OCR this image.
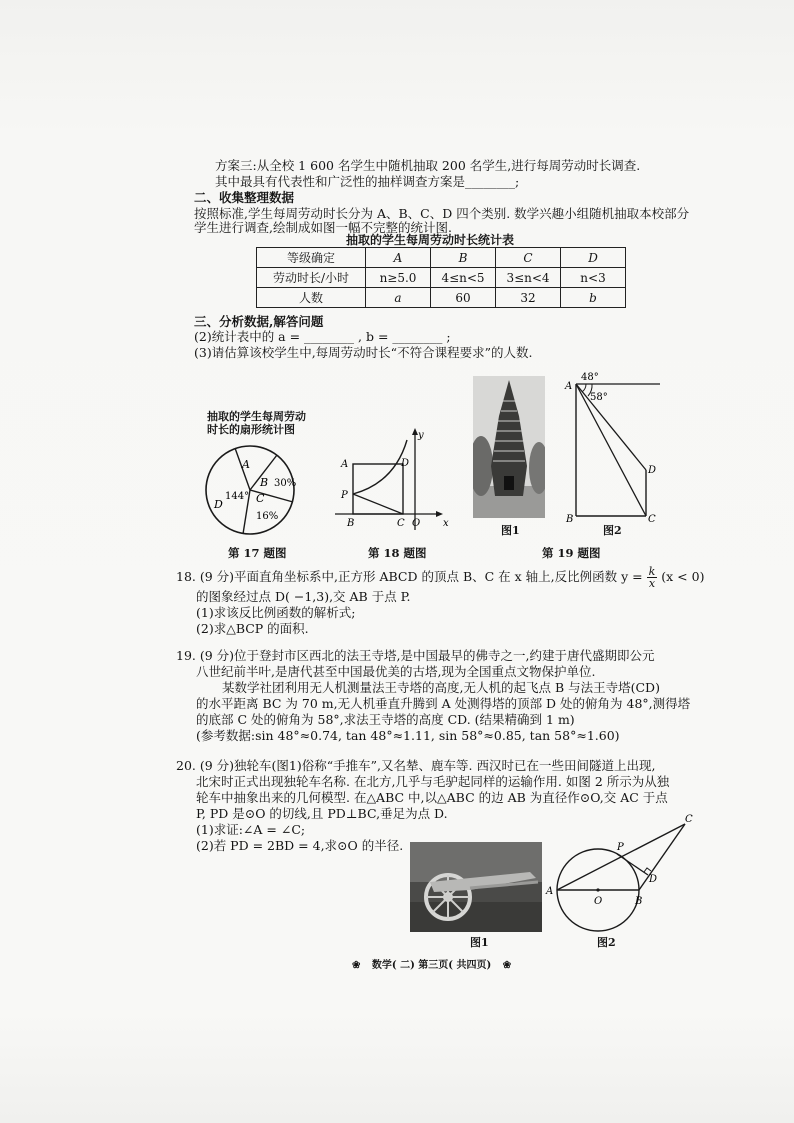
方案三:从全校 1 600 名学生中随机抽取 200 名学生,进行每周劳动时长调查.
其中最具有代表性和广泛性的抽样调查方案是________;
二、收集整理数据
按照标准,学生每周劳动时长分为 A、B、C、D 四个类别. 数学兴趣小组随机抽取本校部分
学生进行调查,绘制成如图一幅不完整的统计图.
抽取的学生每周劳动时长统计表
等级确定	A	B	C	D
劳动时长/小时	n≥5.0	4≤n<5	3≤n<4	n<3
人数	a	60	32	b
三、分析数据,解答问题
(2)统计表中的 a = ________ , b = ________ ;
(3)请估算该校学生中,每周劳动时长“不符合课程要求”的人数.
抽取的学生每周劳动
时长的扇形统计图
A
B 30%
C
16%
144°
D
第 17 题图
y
x
A	D
P
B	C O
第 18 题图
图1
48°
58°
A
D
B	C
图2
第 19 题图
18. (9 分)平面直角坐标系中,正方形 ABCD 的顶点 B、C 在 x 轴上,反比例函数 $y = \frac{k}{x} (x < 0)$
的图象经过点 D( −1,3),交 AB 于点 P.
(1)求该反比例函数的解析式;
(2)求△BCP 的面积.
19. (9 分)位于登封市区西北的法王寺塔,是中国最早的佛寺之一,约建于唐代盛期即公元
八世纪前半叶,是唐代甚至中国最优美的古塔,现为全国重点文物保护单位.
某数学社团利用无人机测量法王寺塔的高度,无人机的起飞点 B 与法王寺塔(CD)
的水平距离 BC 为 70 m,无人机垂直升腾到 A 处测得塔的顶部 D 处的俯角为 48°,测得塔
的底部 C 处的俯角为 58°,求法王寺塔的高度 CD. (结果精确到 1 m)
(参考数据:sin 48°≈0.74, tan 48°≈1.11, sin 58°≈0.85, tan 58°≈1.60)
20. (9 分)独轮车(图1)俗称“手推车”,又名辇、鹿车等. 西汉时已在一些田间隧道上出现,
北宋时正式出现独轮车名称. 在北方,几乎与毛驴起同样的运输作用. 如图 2 所示为从独
轮车中抽象出来的几何模型. 在△ABC 中,以△ABC 的边 AB 为直径作⊙O,交 AC 于点
P, PD 是⊙O 的切线,且 PD⊥BC,垂足为点 D.
(1)求证:∠A = ∠C;
(2)若 PD = 2BD = 4,求⊙O 的半径.
图1
A
B
C
D
P
O
图2
❀ 数学( 二) 第三页( 共四页) ❀
